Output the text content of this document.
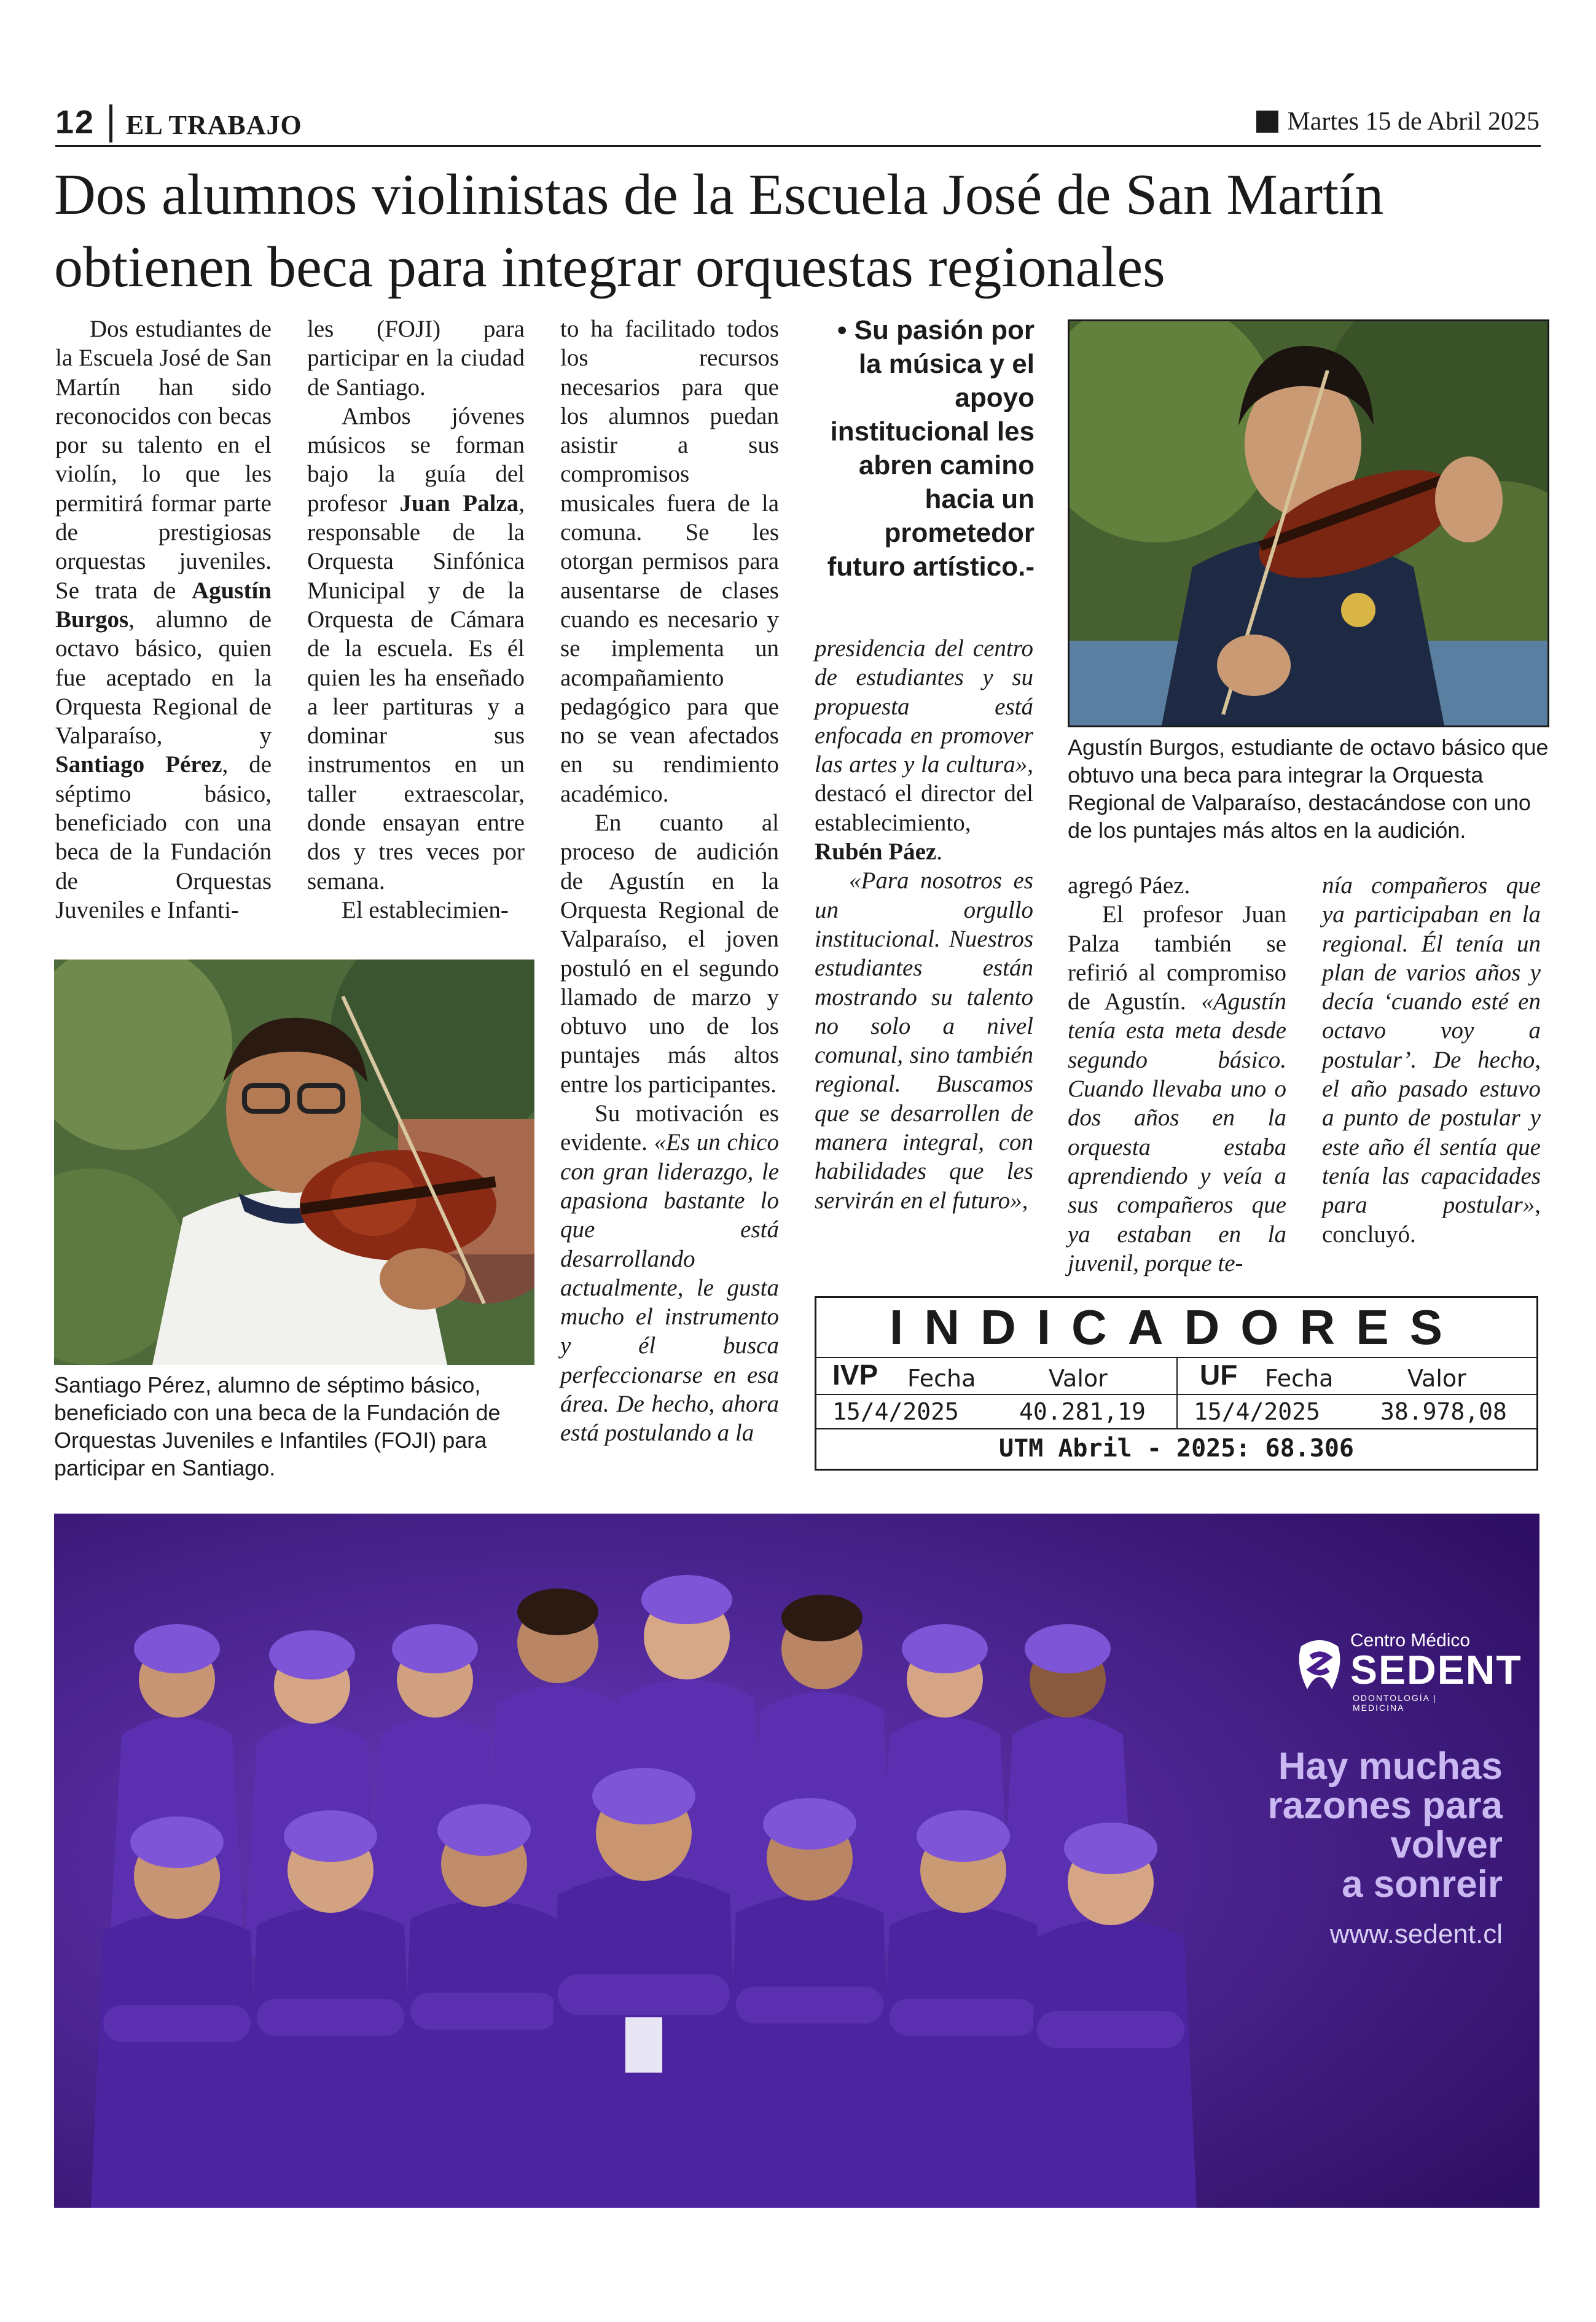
12 EL TRABAJO	Martes 15 de Abril 2025
Dos alumnos violinistas de la Escuela José de San Martín obtienen beca para integrar orquestas regionales

Dos estudiantes de la Escuela José de San Martín han sido reconocidos con becas por su talento en el violín, lo que les permitirá formar parte de prestigiosas orquestas juveniles. Se trata de Agustín Burgos, alumno de octavo básico, quien fue aceptado en la Orquesta Regional de Valparaíso, y Santiago Pérez, de séptimo básico, beneficiado con una beca de la Fundación de Orquestas Juveniles e Infanti-

les (FOJI) para participar en la ciudad de Santiago.

Ambos jóvenes músicos se forman bajo la guía del profesor Juan Palza, responsable de la Orquesta Sinfónica Municipal y de la Orquesta de Cámara de la escuela. Es él quien les ha enseñado a leer partituras y a dominar sus instrumentos en un taller extraescolar, donde ensayan entre dos y tres veces por semana.

El establecimien-

Santiago Pérez, alumno de séptimo básico, beneficiado con una beca de la Fundación de Orquestas Juveniles e Infantiles (FOJI) para participar en Santiago.

to ha facilitado todos los recursos necesarios para que los alumnos puedan asistir a sus compromisos musicales fuera de la comuna. Se les otorgan permisos para ausentarse de clases cuando es necesario y se implementa un acompañamiento pedagógico para que no se vean afectados en su rendimiento académico.

En cuanto al proceso de audición de Agustín en la Orquesta Regional de Valparaíso, el joven postuló en el segundo llamado de marzo y obtuvo uno de los puntajes más altos entre los participantes.

Su motivación es evidente. «Es un chico con gran liderazgo, le apasiona bastante lo que está desarrollando actualmente, le gusta mucho el instrumento y él busca perfeccionarse en esa área. De hecho, ahora está postulando a la

• Su pasión por la música y el apoyo institucional les abren camino hacia un prometedor futuro artístico.-

presidencia del centro de estudiantes y su propuesta está enfocada en promover las artes y la cultura», destacó el director del establecimiento, Rubén Páez.

«Para nosotros es un orgullo institucional. Nuestros estudiantes están mostrando su talento no solo a nivel comunal, sino también regional. Buscamos que se desarrollen de manera integral, con habilidades que les servirán en el futuro»,

Agustín Burgos, estudiante de octavo básico que obtuvo una beca para integrar la Orquesta Regional de Valparaíso, destacándose con uno de los puntajes más altos en la audición.

agregó Páez.

El profesor Juan Palza también se refirió al compromiso de Agustín. «Agustín tenía esta meta desde segundo básico. Cuando llevaba uno o dos años en la orquesta estaba aprendiendo y veía a sus compañeros que ya estaban en la juvenil, porque te-

nía compañeros que ya participaban en la regional. Él tenía un plan de varios años y decía ‘cuando esté en octavo voy a postular’. De hecho, el año pasado estuvo a punto de postular y este año él sentía que tenía las capacidades para postular», concluyó.

INDICADORES
IVP Fecha	Valor	UF Fecha	Valor
15/4/2025	40.281,19 15/4/2025	38.978,08
UTM Abril - 2025: 68.306
Centro Médico
SEDENT
ODONTOLOGÍA | MEDICINA
Hay muchas
razones para
volver
a sonreir
www.sedent.cl
